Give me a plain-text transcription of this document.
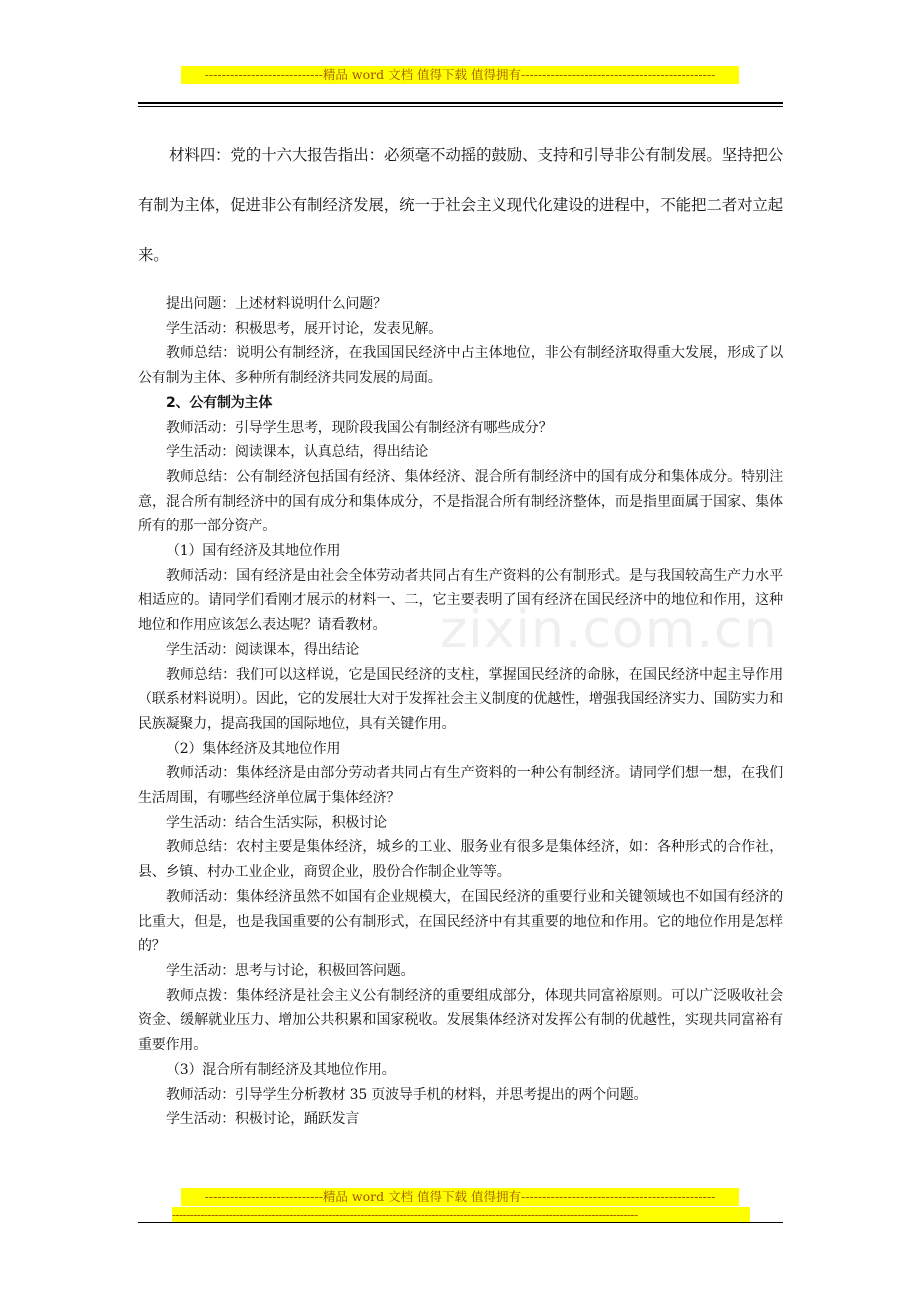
----------------------------精品 word 文档 值得下载 值得拥有----------------------------------------------
zixin.com.cn

材料四：党的十六大报告指出：必须毫不动摇的鼓励、支持和引导非公有制发展。坚持把公有制为主体，促进非公有制经济发展，统一于社会主义现代化建设的进程中，不能把二者对立起来。

提出问题：上述材料说明什么问题？

学生活动：积极思考，展开讨论，发表见解。

教师总结：说明公有制经济，在我国国民经济中占主体地位，非公有制经济取得重大发展，形成了以公有制为主体、多种所有制经济共同发展的局面。

2、公有制为主体

教师活动：引导学生思考，现阶段我国公有制经济有哪些成分？

学生活动：阅读课本，认真总结，得出结论

教师总结：公有制经济包括国有经济、集体经济、混合所有制经济中的国有成分和集体成分。特别注意，混合所有制经济中的国有成分和集体成分，不是指混合所有制经济整体，而是指里面属于国家、集体所有的那一部分资产。

（1）国有经济及其地位作用

教师活动：国有经济是由社会全体劳动者共同占有生产资料的公有制形式。是与我国较高生产力水平相适应的。请同学们看刚才展示的材料一、二，它主要表明了国有经济在国民经济中的地位和作用，这种地位和作用应该怎么表达呢？请看教材。

学生活动：阅读课本，得出结论

教师总结：我们可以这样说，它是国民经济的支柱，掌握国民经济的命脉，在国民经济中起主导作用（联系材料说明）。因此，它的发展壮大对于发挥社会主义制度的优越性，增强我国经济实力、国防实力和民族凝聚力，提高我国的国际地位，具有关键作用。

（2）集体经济及其地位作用

教师活动：集体经济是由部分劳动者共同占有生产资料的一种公有制经济。请同学们想一想，在我们生活周围，有哪些经济单位属于集体经济？

学生活动：结合生活实际，积极讨论

教师总结：农村主要是集体经济，城乡的工业、服务业有很多是集体经济，如：各种形式的合作社，县、乡镇、村办工业企业，商贸企业，股份合作制企业等等。

教师活动：集体经济虽然不如国有企业规模大，在国民经济的重要行业和关键领域也不如国有经济的比重大，但是，也是我国重要的公有制形式，在国民经济中有其重要的地位和作用。它的地位作用是怎样的？

学生活动：思考与讨论，积极回答问题。

教师点拨：集体经济是社会主义公有制经济的重要组成部分，体现共同富裕原则。可以广泛吸收社会资金、缓解就业压力、增加公共积累和国家税收。发展集体经济对发挥公有制的优越性，实现共同富裕有重要作用。

（3）混合所有制经济及其地位作用。

教师活动：引导学生分析教材 35 页波导手机的材料，并思考提出的两个问题。

学生活动：积极讨论，踊跃发言

----------------------------精品 word 文档 值得下载 值得拥有----------------------------------------------
-----------------------------------------------------------------------------------------------------------------------------------
